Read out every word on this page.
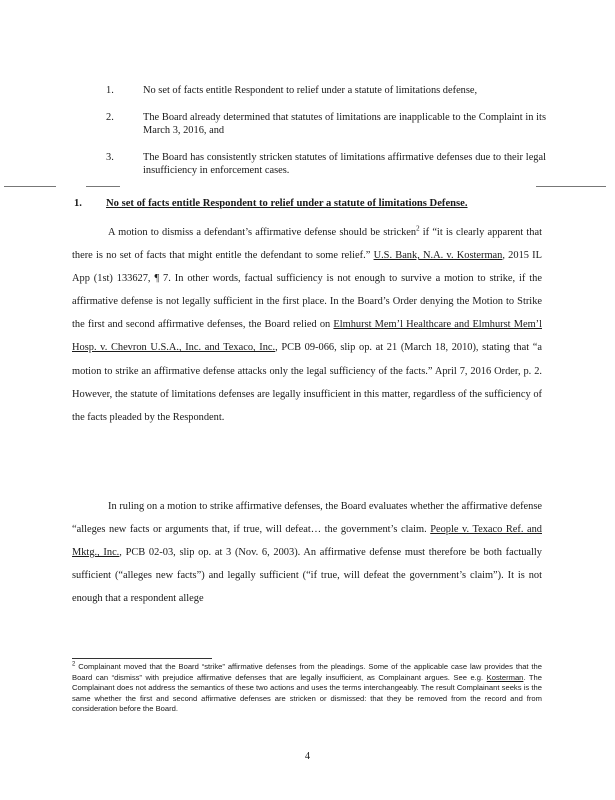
1.	No set of facts entitle Respondent to relief under a statute of limitations defense,
2.	The Board already determined that statutes of limitations are inapplicable to the Complaint in its March 3, 2016, and
3.	The Board has consistently stricken statutes of limitations affirmative defenses due to their legal insufficiency in enforcement cases.
1. No set of facts entitle Respondent to relief under a statute of limitations Defense.

A motion to dismiss a defendant’s affirmative defense should be stricken$^2$ if “it is clearly apparent that there is no set of facts that might entitle the defendant to some relief.” U.S. Bank, N.A. v. Kosterman, 2015 IL App (1st) 133627, ¶ 7. In other words, factual sufficiency is not enough to survive a motion to strike, if the affirmative defense is not legally sufficient in the first place. In the Board’s Order denying the Motion to Strike the first and second affirmative defenses, the Board relied on Elmhurst Mem’l Healthcare and Elmhurst Mem’l Hosp. v. Chevron U.S.A., Inc. and Texaco, Inc., PCB 09-066, slip op. at 21 (March 18, 2010), stating that “a motion to strike an affirmative defense attacks only the legal sufficiency of the facts.” April 7, 2016 Order, p. 2. However, the statute of limitations defenses are legally insufficient in this matter, regardless of the sufficiency of the facts pleaded by the Respondent.

In ruling on a motion to strike affirmative defenses, the Board evaluates whether the affirmative defense “alleges new facts or arguments that, if true, will defeat… the government’s claim. People v. Texaco Ref. and Mktg., Inc., PCB 02-03, slip op. at 3 (Nov. 6, 2003). An affirmative defense must therefore be both factually sufficient (“alleges new facts”) and legally sufficient (“if true, will defeat the government’s claim”). It is not enough that a respondent allege

$^2$ Complainant moved that the Board “strike” affirmative defenses from the pleadings. Some of the applicable case law provides that the Board can “dismiss” with prejudice affirmative defenses that are legally insufficient, as Complainant argues. See e.g. Kosterman. The Complainant does not address the semantics of these two actions and uses the terms interchangeably. The result Complainant seeks is the same whether the first and second affirmative defenses are stricken or dismissed: that they be removed from the record and from consideration before the Board.
4
